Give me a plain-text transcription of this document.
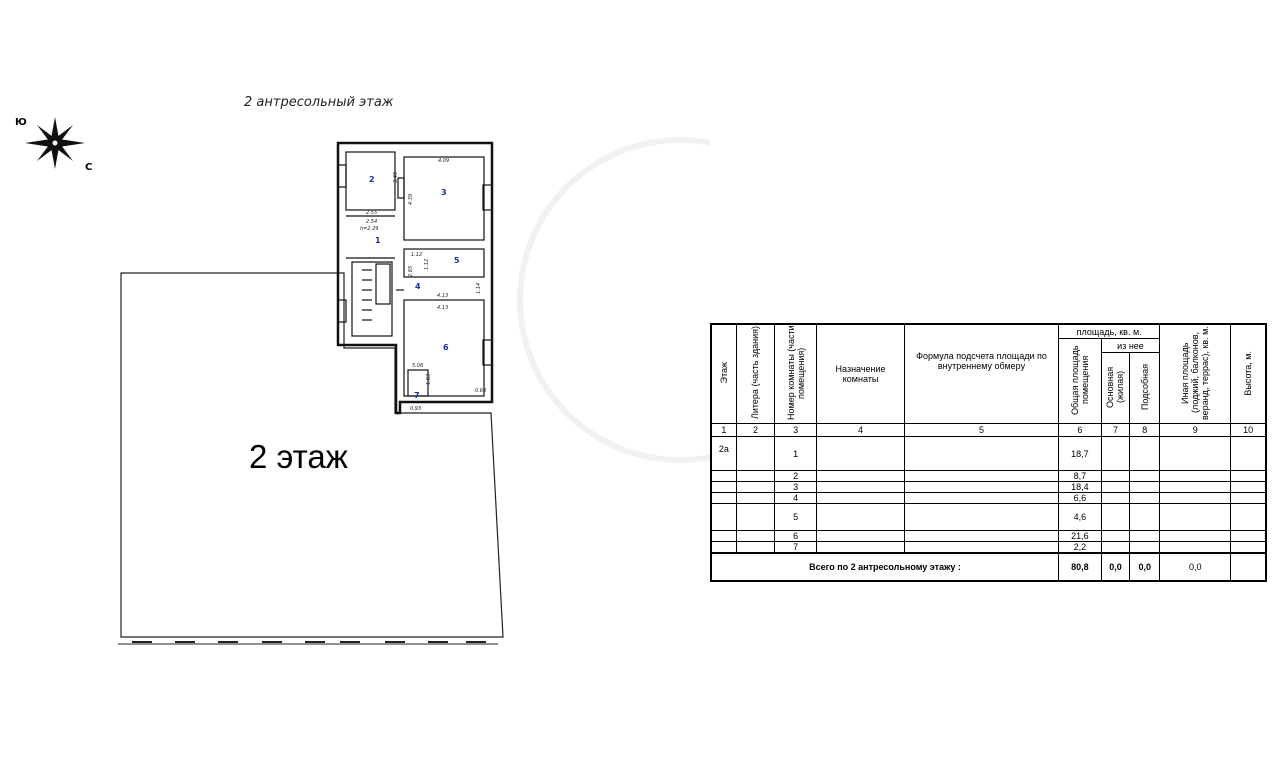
2
3
1
5
4
6
7
4.09
3.40
4.39
2.55
2.54
h=2.29
1.12
1.12
2.85
4.13
4.13
1.14
5.08
1.83
0.93
0.68
2 антресольный этаж
2 этаж
Ю
С
Этаж	Литера (часть здания)	Номер комнаты (части помещения)	Назначение комнаты	Формула подсчета площади по внутреннему обмеру	площадь, кв. м.			Иная площадь (лоджий, балконов, веранд, террас), кв. м.	Высота, м.
					Общая площадь помещения	из нее			
						Основная (жилая)	Подсобная		
1	2	3	4	5	6	7	8	9	10
2а		1			18,7				
		2			8,7				
		3			18,4				
		4			6,6				
		5			4,6				
		6			21,6				
		7			2,2				
Всего по 2 антресольному этажу :					80,8	0,0	0,0	0,0	
